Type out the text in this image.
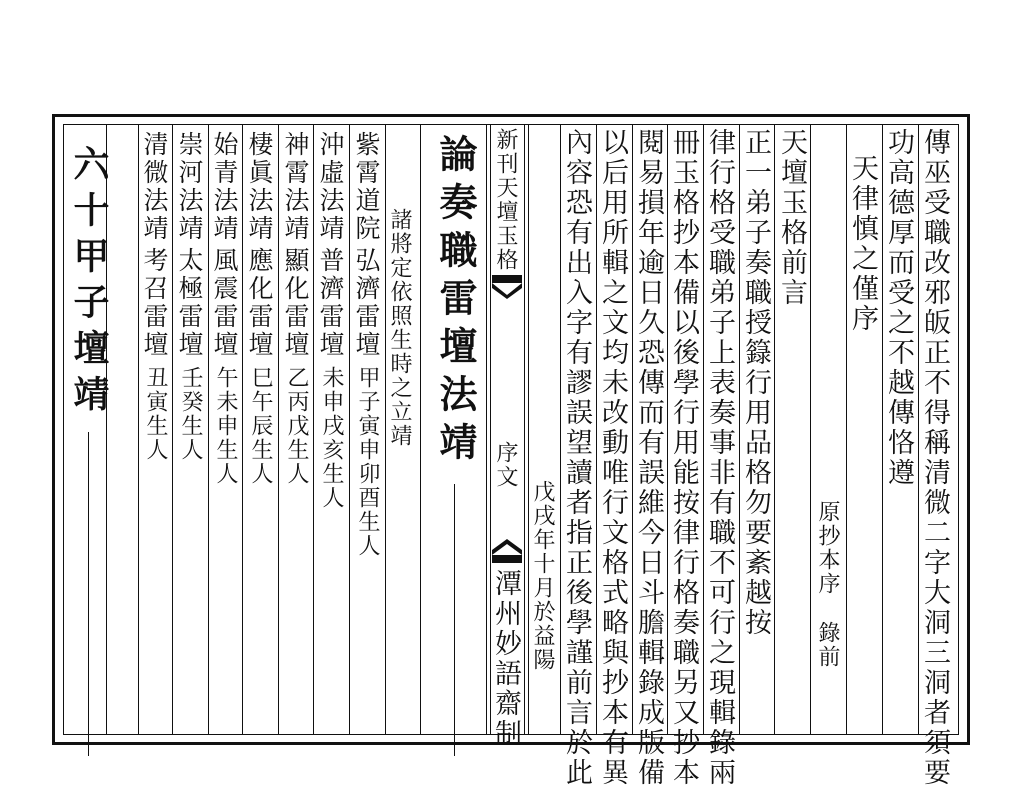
傳巫受職改邪皈正不得稱清微二字大洞三洞者須要
功高德厚而受之不越傳恪遵
天律慎之僅序
原抄本序
錄前
天壇玉格前言
正一弟子奏職授籙行用品格勿要紊越按
律行格受職弟子上表奏事非有職不可行之現輯錄兩
冊玉格抄本備以後學行用能按律行格奏職另又抄本
閱易損年逾日久恐傳而有誤維今日斗膽輯錄成版備
以后用所輯之文均未改動唯行文格式略與抄本有異
內容恐有出入字有謬誤望讀者指正後學謹前言於此
戊戌年十月於益陽
新刊天壇玉格
序文
潭州妙語齋制
論奏職雷壇法靖
諸將定依照生時之立靖
紫霄道院
弘濟雷壇
甲子寅申卯酉生人
沖虛法靖
普濟雷壇
未申戌亥生人
神霄法靖
顯化雷壇
乙丙戊生人
棲眞法靖
應化雷壇
巳午辰生人
始青法靖
風震雷壇
午未申生人
崇河法靖
太極雷壇
壬癸生人
清微法靖
考召雷壇
丑寅生人
六十甲子壇靖
